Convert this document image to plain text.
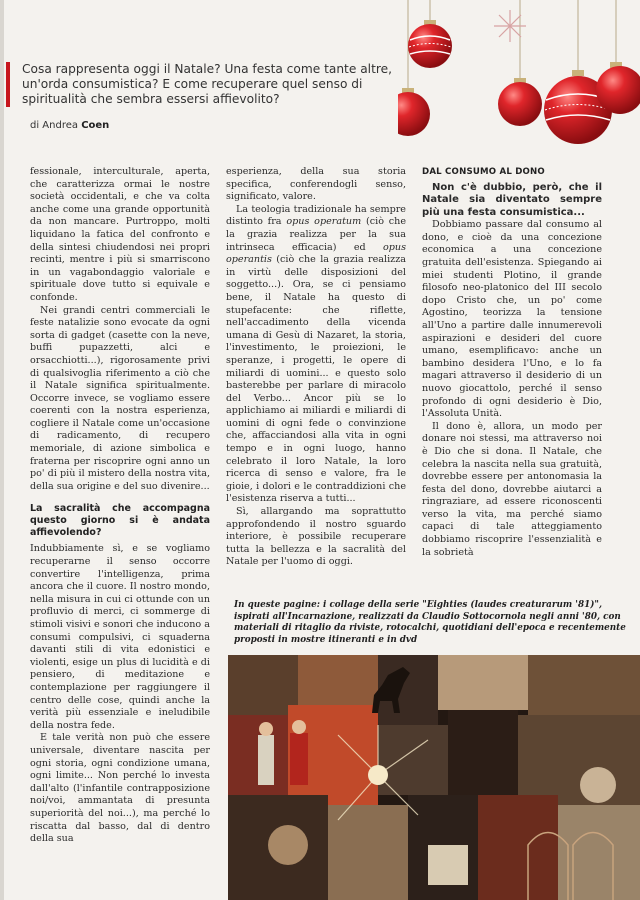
Cosa rappresenta oggi il Natale? Una festa come tante altre, un'orda consumistica? E come recuperare quel senso di spiritualità che sembra essersi affievolito?
di Andrea Coen

fessionale, interculturale, aperta, che caratterizza ormai le nostre società occidentali, e che va colta anche come una grande opportunità da non mancare. Purtroppo, molti liquidano la fatica del confronto e della sintesi chiudendosi nei propri recinti, mentre i più si smarriscono in un vagabondaggio valoriale e spirituale dove tutto si equivale e confonde.

Nei grandi centri commerciali le feste natalizie sono evocate da ogni sorta di gadget (casette con la neve, buffi pupazzetti, alci e orsacchiotti...), rigorosamente privi di qualsivoglia riferimento a ciò che il Natale significa spiritualmente. Occorre invece, se vogliamo essere coerenti con la nostra esperienza, cogliere il Natale come un'occasione di radicamento, di recupero memoriale, di azione simbolica e fraterna per riscoprire ogni anno un po' di più il mistero della nostra vita, della sua origine e del suo divenire...

La sacralità che accompagna questo giorno si è andata affievolendo?

Indubbiamente sì, e se vogliamo recuperarne il senso occorre convertire l'intelligenza, prima ancora che il cuore. Il nostro mondo, nella misura in cui ci ottunde con un profluvio di merci, ci sommerge di stimoli visivi e sonori che inducono a consumi compulsivi, ci squaderna davanti stili di vita edonistici e violenti, esige un plus di lucidità e di pensiero, di meditazione e contemplazione per raggiungere il centro delle cose, quindi anche la verità più essenziale e ineludibile della nostra fede.

E tale verità non può che essere universale, diventare nascita per ogni storia, ogni condizione umana, ogni limite... Non perché lo investa dall'alto (l'infantile contrapposizione noi/voi, ammantata di presunta superiorità del noi...), ma perché lo riscatta dal basso, dal di dentro della sua

esperienza, della sua storia specifica, conferendogli senso, significato, valore.

La teologia tradizionale ha sempre distinto fra opus operatum (ciò che la grazia realizza per la sua intrinseca efficacia) ed opus operantis (ciò che la grazia realizza in virtù delle disposizioni del soggetto...). Ora, se ci pensiamo bene, il Natale ha questo di stupefacente: che riflette, nell'accadimento della vicenda umana di Gesù di Nazaret, la storia, l'investimento, le proiezioni, le speranze, i progetti, le opere di miliardi di uomini... e questo solo basterebbe per parlare di miracolo del Verbo... Ancor più se lo applichiamo ai miliardi e miliardi di uomini di ogni fede o convinzione che, affacciandosi alla vita in ogni tempo e in ogni luogo, hanno celebrato il loro Natale, la loro ricerca di senso e valore, fra le gioie, i dolori e le contraddizioni che l'esistenza riserva a tutti...

Sì, allargando ma soprattutto approfondendo il nostro sguardo interiore, è possibile recuperare tutta la bellezza e la sacralità del Natale per l'uomo di oggi.

DAL CONSUMO AL DONO

Non c'è dubbio, però, che il Natale sia diventato sempre più una festa consumistica...

Dobbiamo passare dal consumo al dono, e cioè da una concezione economica a una concezione gratuita dell'esistenza. Spiegando ai miei studenti Plotino, il grande filosofo neo-platonico del III secolo dopo Cristo che, un po' come Agostino, teorizza la tensione all'Uno a partire dalle innumerevoli aspirazioni e desideri del cuore umano, esemplificavo: anche un bambino desidera l'Uno, e lo fa magari attraverso il desiderio di un nuovo giocattolo, perché il senso profondo di ogni desiderio è Dio, l'Assoluta Unità.

Il dono è, allora, un modo per donare noi stessi, ma attraverso noi è Dio che si dona. Il Natale, che celebra la nascita nella sua gratuità, dovrebbe essere per antonomasia la festa del dono, dovrebbe aiutarci a ringraziare, ad essere riconoscenti verso la vita, ma perché siamo capaci di tale atteggiamento dobbiamo riscoprire l'essenzialità e la sobrietà

In queste pagine: i collage della serie "Eighties (laudes creaturarum '81)", ispirati all'Incarnazione, realizzati da Claudio Sottocornola negli anni '80, con materiali di ritaglio da riviste, rotocalchi, quotidiani dell'epoca e recentemente proposti in mostre itineranti e in dvd
